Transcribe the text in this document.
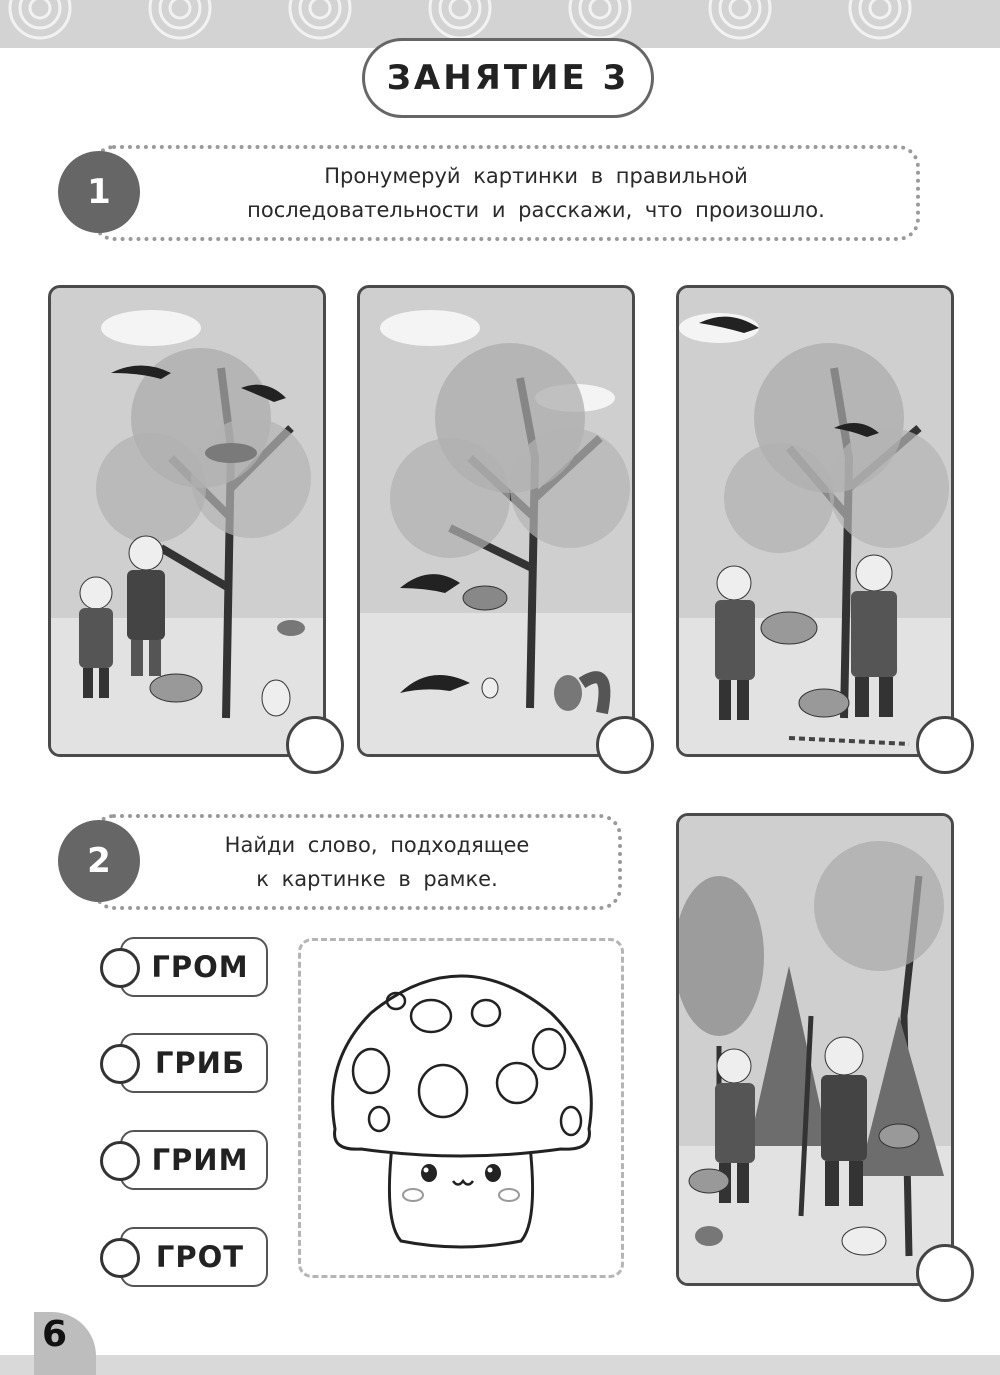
ЗАНЯТИЕ 3
Пронумеруй картинки в правильной
последовательности и расскажи, что произошло.
1
Найди слово, подходящее
к картинке в рамке.
2
ГРОМ
ГРИБ
ГРИМ
ГРОТ
6
